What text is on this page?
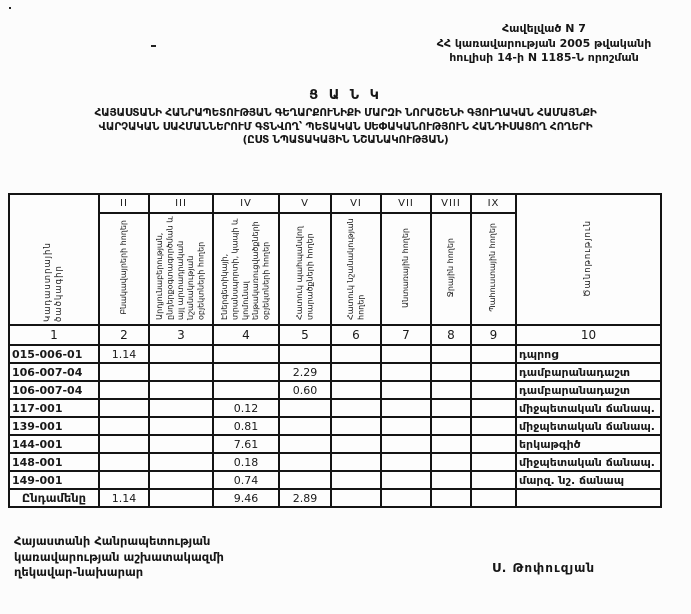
Հավելված N 7
ՀՀ կառավարության 2005 թվականի
հուլիսի 14-ի N 1185-Ն որոշման
Ց Ա Ն Կ
ՀԱՅԱՍՏԱՆԻ ՀԱՆՐԱՊԵՏՈՒԹՅԱՆ ԳԵՂԱՐՔՈՒՆԻՔԻ ՄԱՐԶԻ ՆՈՐԱՇԵՆԻ ԳՅՈՒՂԱԿԱՆ ՀԱՄԱՅՆՔԻ
ՎԱՐՉԱԿԱՆ ՍԱՀՄԱՆՆԵՐՈՒՄ ԳՏՆՎՈՂ՝ ՊԵՏԱԿԱՆ ՍԵՓԱԿԱՆՈՒԹՅՈՒՆ ՀԱՆԴԻՍԱՑՈՂ ՀՈՂԵՐԻ
(ԸՍՏ ՆՊԱՏԱԿԱՅԻՆ ՆՇԱՆԱԿՈՒԹՅԱՆ)
Կադաստրային ծածկագիր	II	III	IV	V	VI	VII	VIII	IX	Ծանոթություն
	Բնակավայրերի հողեր	Արդյունաբերության, ընդերքօգտագործման և այլ արտադրական նշանակության օբյեկտների հողեր	Էներգետիկայի, տրանսպորտի, կապի և կոմունալ ենթակառուցվածքների օբյեկտների հողեր	Հատուկ պահպանվող տարածքների հողեր	Հատուկ նշանակության հողեր	Անտառային հողեր	Ջրային հողեր	Պահուստային հողեր	
1	2	3	4	5	6	7	8	9	10
015-006-01	1.14								դպրոց
106-007-04				2.29					դամբարանադաշտ
106-007-04				0.60					դամբարանադաշտ
117-001			0.12						միջպետական ճանապ.
139-001			0.81						միջպետական ճանապ.
144-001			7.61						երկաթգիծ
148-001			0.18						միջպետական ճանապ.
149-001			0.74						մարզ. նշ. ճանապ
Ընդամենը	1.14		9.46	2.89					
Հայաստանի Հանրապետության
կառավարության աշխատակազմի
ղեկավար-նախարար	Ս. Թոփուզյան
